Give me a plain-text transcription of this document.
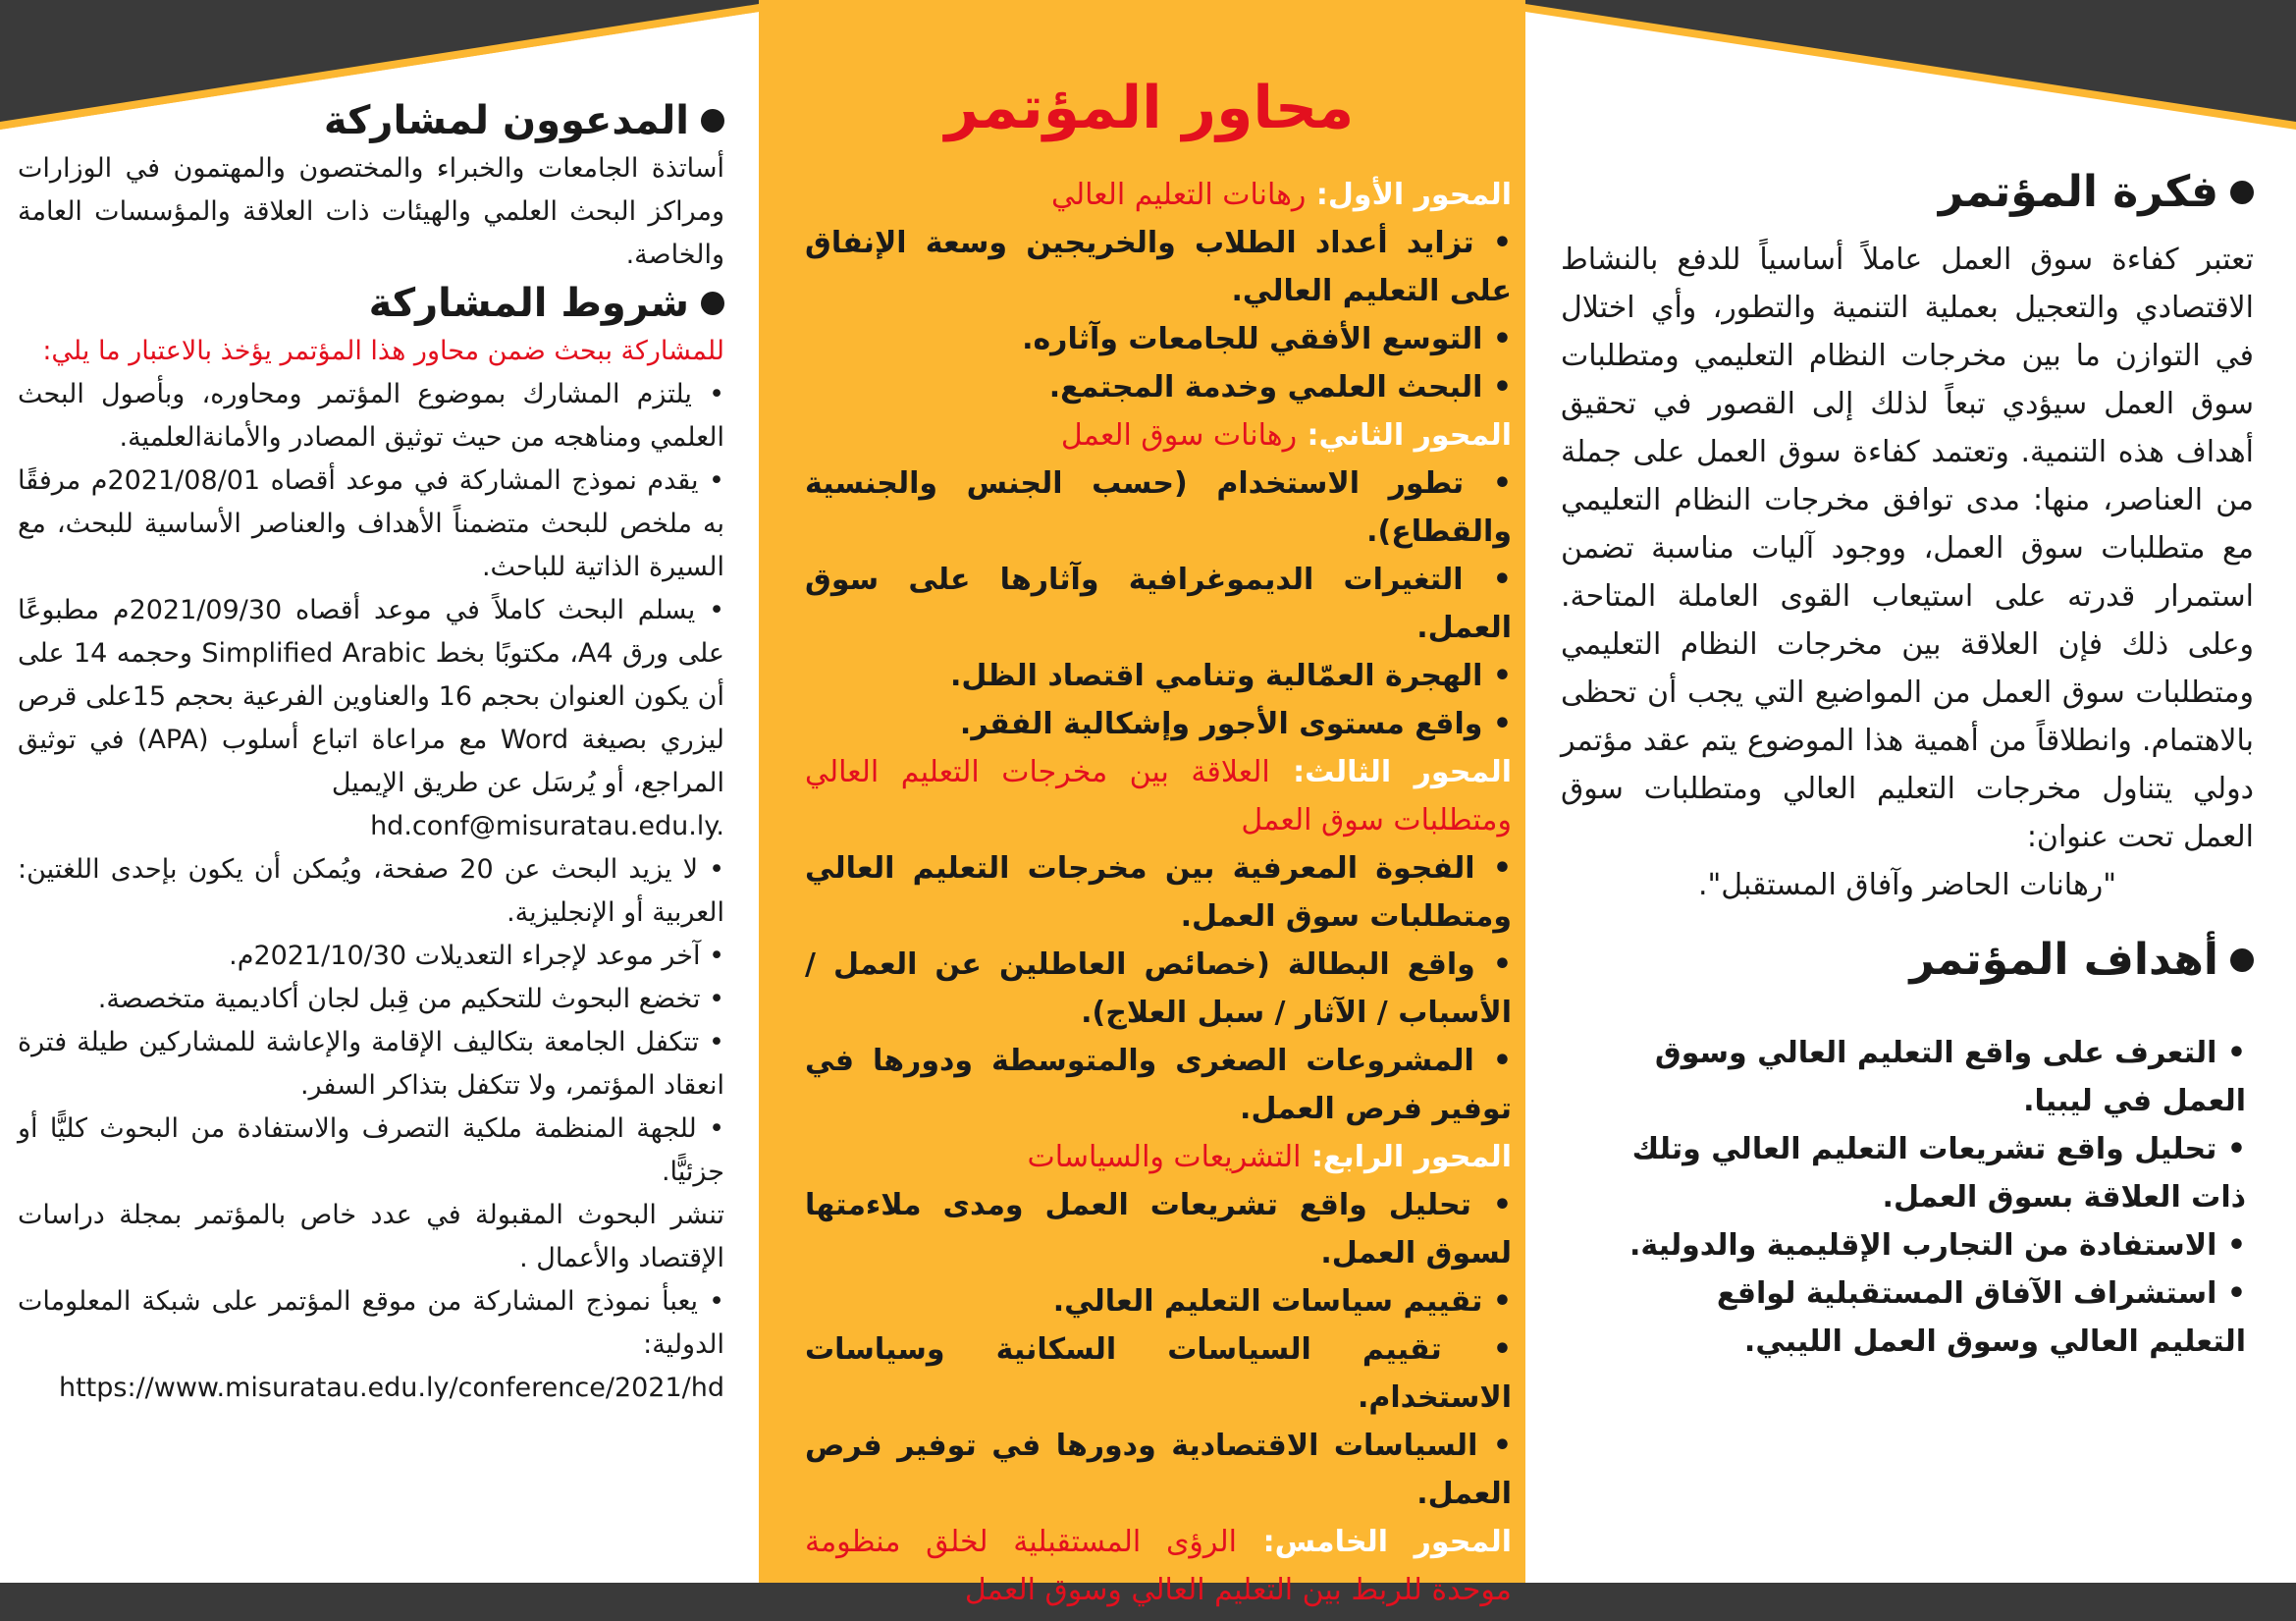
المدعوون لمشاركة

أساتذة الجامعات والخبراء والمختصون والمهتمون في الوزارات ومراكز البحث العلمي والهيئات ذات العلاقة والمؤسسات العامة والخاصة.

شروط المشاركة

للمشاركة ببحث ضمن محاور هذا المؤتمر يؤخذ بالاعتبار ما يلي:

• يلتزم المشارك بموضوع المؤتمر ومحاوره، وبأصول البحث العلمي ومناهجه من حيث توثيق المصادر والأمانةالعلمية.

• يقدم نموذج المشاركة في موعد أقصاه 2021/08/01م مرفقًا به ملخص للبحث متضمناً الأهداف والعناصر الأساسية للبحث، مع السيرة الذاتية للباحث.

• يسلم البحث كاملاً في موعد أقصاه 2021/09/30م مطبوعًا على ورق A4، مكتوبًا بخط Simplified Arabic وحجمه 14 على أن يكون العنوان بحجم 16 والعناوين الفرعية بحجم 15على قرص ليزري بصيغة Word مع مراعاة اتباع أسلوب (APA) في توثيق المراجع، أو يُرسَل عن طريق الإيميل

hd.conf@misuratau.edu.ly.

• لا يزيد البحث عن 20 صفحة، ويُمكن أن يكون بإحدى اللغتين: العربية أو الإنجليزية.

• آخر موعد لإجراء التعديلات 2021/10/30م.

• تخضع البحوث للتحكيم من قِبل لجان أكاديمية متخصصة.

• تتكفل الجامعة بتكاليف الإقامة والإعاشة للمشاركين طيلة فترة انعقاد المؤتمر، ولا تتكفل بتذاكر السفر.

• للجهة المنظمة ملكية التصرف والاستفادة من البحوث كليًّا أو جزئيًّا.

تنشر البحوث المقبولة في عدد خاص بالمؤتمر بمجلة دراسات الإقتصاد والأعمال .

• يعبأ نموذج المشاركة من موقع المؤتمر على شبكة المعلومات الدولية:

https://www.misuratau.edu.ly/conference/2021/hd

محاور المؤتمر
المحور الأول: رهانات التعليم العالي
• تزايد أعداد الطلاب والخريجين وسعة الإنفاق على التعليم العالي.
• التوسع الأفقي للجامعات وآثاره.
• البحث العلمي وخدمة المجتمع.
المحور الثاني: رهانات سوق العمل
• تطور الاستخدام (حسب الجنس والجنسية والقطاع).
• التغيرات الديموغرافية وآثارها على سوق العمل.
• الهجرة العمّالية وتنامي اقتصاد الظل.
• واقع مستوى الأجور وإشكالية الفقر.
المحور الثالث: العلاقة بين مخرجات التعليم العالي ومتطلبات سوق العمل
• الفجوة المعرفية بين مخرجات التعليم العالي ومتطلبات سوق العمل.
• واقع البطالة (خصائص العاطلين عن العمل / الأسباب / الآثار / سبل العلاج).
• المشروعات الصغرى والمتوسطة ودورها في توفير فرص العمل.
المحور الرابع: التشريعات والسياسات
• تحليل واقع تشريعات العمل ومدى ملاءمتها لسوق العمل.
• تقييم سياسات التعليم العالي.
• تقييم السياسات السكانية وسياسات الاستخدام.
• السياسات الاقتصادية ودورها في توفير فرص العمل.
المحور الخامس: الرؤى المستقبلية لخلق منظومة موحدة للربط بين التعليم العالي وسوق العمل
فكرة المؤتمر

تعتبر كفاءة سوق العمل عاملاً أساسياً للدفع بالنشاط الاقتصادي والتعجيل بعملية التنمية والتطور، وأي اختلال في التوازن ما بين مخرجات النظام التعليمي ومتطلبات سوق العمل سيؤدي تبعاً لذلك إلى القصور في تحقيق أهداف هذه التنمية. وتعتمد كفاءة سوق العمل على جملة من العناصر، منها: مدى توافق مخرجات النظام التعليمي مع متطلبات سوق العمل، ووجود آليات مناسبة تضمن استمرار قدرته على استيعاب القوى العاملة المتاحة. وعلى ذلك فإن العلاقة بين مخرجات النظام التعليمي ومتطلبات سوق العمل من المواضيع التي يجب أن تحظى بالاهتمام. وانطلاقاً من أهمية هذا الموضوع يتم عقد مؤتمر دولي يتناول مخرجات التعليم العالي ومتطلبات سوق العمل تحت عنوان:

"رهانات الحاضر وآفاق المستقبل".

أهداف المؤتمر

• التعرف على واقع التعليم العالي وسوق العمل في ليبيا.

• تحليل واقع تشريعات التعليم العالي وتلك ذات العلاقة بسوق العمل.

• الاستفادة من التجارب الإقليمية والدولية.

• استشراف الآفاق المستقبلية لواقع التعليم العالي وسوق العمل الليبي.
